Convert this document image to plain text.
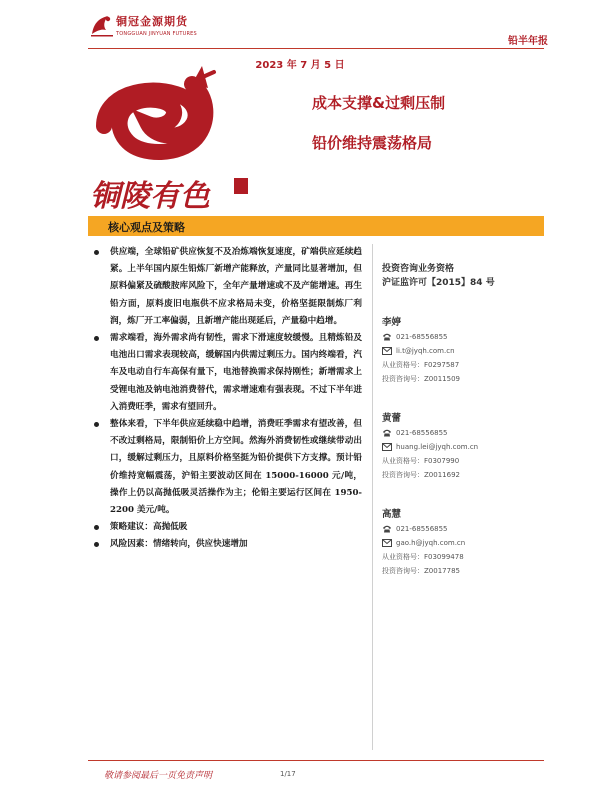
铜冠金源期货
TONGGUAN JINYUAN FUTURES
铅半年报
2023 年 7 月 5 日
铜陵有色
成本支撑&过剩压制
铅价维持震荡格局
核心观点及策略
供应端，全球铅矿供应恢复不及冶炼端恢复速度，矿端供应延续趋紧。上半年国内原生铅炼厂新增产能释放，产量同比显著增加，但原料偏紧及硫酸胺库风险下，全年产量增速或不及产能增速。再生铅方面，原料废旧电瓶供不应求格局未变，价格坚挺限制炼厂利润，炼厂开工率偏弱，且新增产能出现延后，产量稳中趋增。
需求端看，海外需求尚有韧性，需求下滑速度较缓慢。且精炼铅及电池出口需求表现较高，缓解国内供需过剩压力。国内终端看，汽车及电动自行车高保有量下，电池替换需求保持刚性；新增需求上受锂电池及钠电池消费替代，需求增速难有强表现。不过下半年进入消费旺季，需求有望回升。
整体来看，下半年供应延续稳中趋增，消费旺季需求有望改善，但不改过剩格局，限制铅价上方空间。然海外消费韧性或继续带动出口，缓解过剩压力，且原料价格坚挺为铅价提供下方支撑。预计铅价维持宽幅震荡，沪铅主要波动区间在 15000-16000 元/吨，操作上仍以高抛低吸灵活操作为主；伦铅主要运行区间在 1950-2200 美元/吨。
策略建议：高抛低吸
风险因素：情绪转向，供应快速增加
投资咨询业务资格
沪证监许可【2015】84 号
李婷
021-68556855
li.t@jyqh.com.cn
从业资格号：F0297587
投资咨询号：Z0011509
黄蕾
021-68556855
huang.lei@jyqh.com.cn
从业资格号：F0307990
投资咨询号：Z0011692
高慧
021-68556855
gao.h@jyqh.com.cn
从业资格号：F03099478
投资咨询号：Z0017785
敬请参阅最后一页免责声明	1/17
